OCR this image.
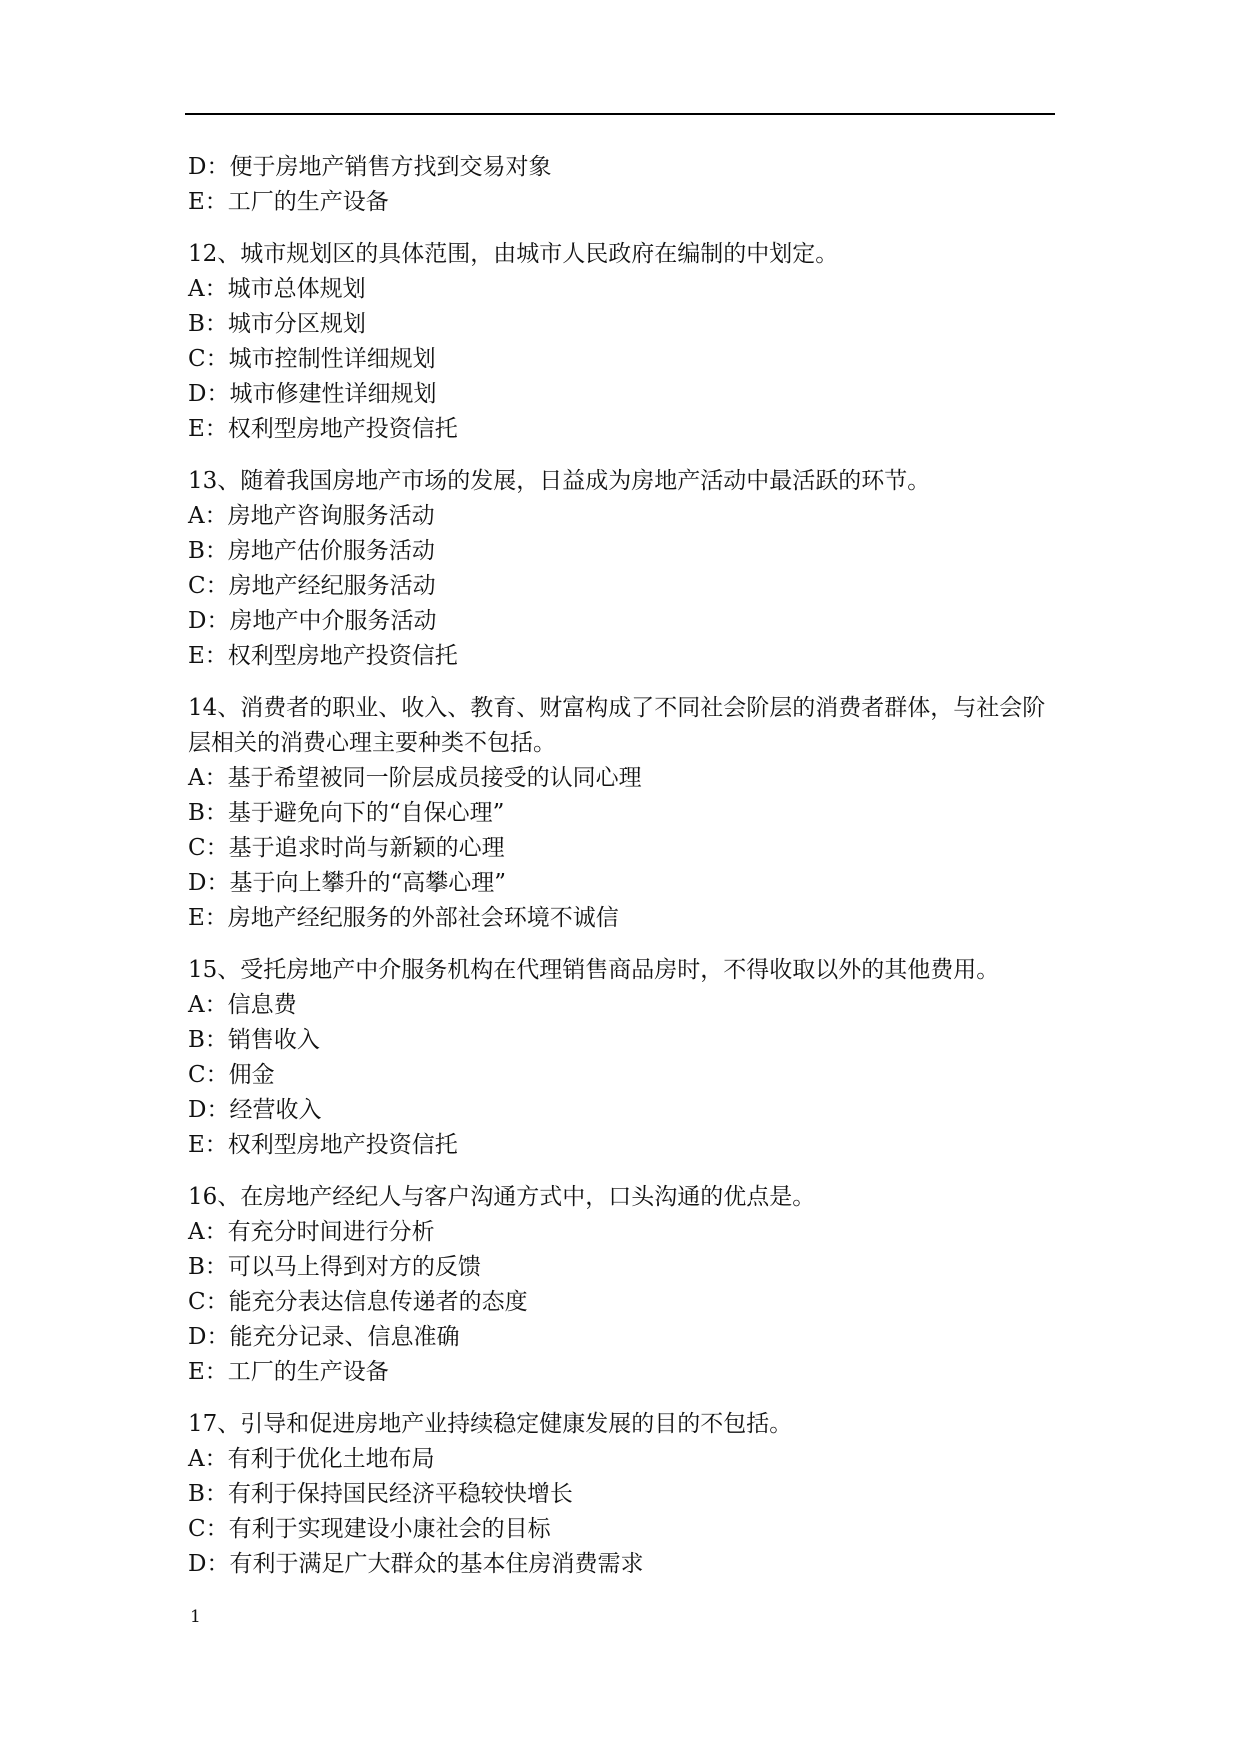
D：便于房地产销售方找到交易对象
E：工厂的生产设备
12、城市规划区的具体范围，由城市人民政府在编制的中划定。
A：城市总体规划
B：城市分区规划
C：城市控制性详细规划
D：城市修建性详细规划
E：权利型房地产投资信托
13、随着我国房地产市场的发展，日益成为房地产活动中最活跃的环节。
A：房地产咨询服务活动
B：房地产估价服务活动
C：房地产经纪服务活动
D：房地产中介服务活动
E：权利型房地产投资信托
14、消费者的职业、收入、教育、财富构成了不同社会阶层的消费者群体，与社会阶层相关的消费心理主要种类不包括。
A：基于希望被同一阶层成员接受的认同心理
B：基于避免向下的“自保心理”
C：基于追求时尚与新颖的心理
D：基于向上攀升的“高攀心理”
E：房地产经纪服务的外部社会环境不诚信
15、受托房地产中介服务机构在代理销售商品房时，不得收取以外的其他费用。
A：信息费
B：销售收入
C：佣金
D：经营收入
E：权利型房地产投资信托
16、在房地产经纪人与客户沟通方式中，口头沟通的优点是。
A：有充分时间进行分析
B：可以马上得到对方的反馈
C：能充分表达信息传递者的态度
D：能充分记录、信息准确
E：工厂的生产设备
17、引导和促进房地产业持续稳定健康发展的目的不包括。
A：有利于优化土地布局
B：有利于保持国民经济平稳较快增长
C：有利于实现建设小康社会的目标
D：有利于满足广大群众的基本住房消费需求
1
